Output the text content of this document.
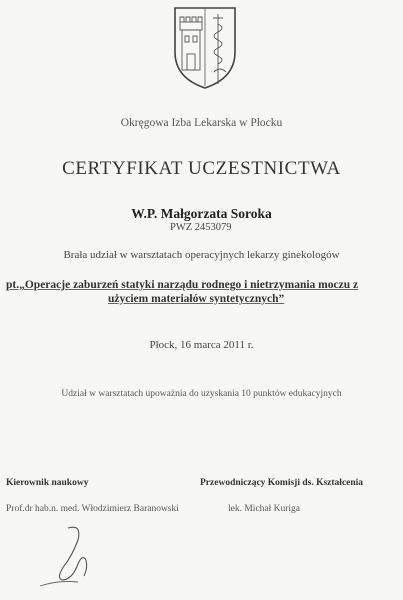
Okręgowa Izba Lekarska w Płocku
CERTYFIKAT UCZESTNICTWA
W.P. Małgorzata Soroka
PWZ 2453079
Brała udział w warsztatach operacyjnych lekarzy ginekologów
pt.„Operacje zaburzeń statyki narządu rodnego i nietrzymania moczu z
użyciem materiałów syntetycznych”
Płock, 16 marca 2011 r.
Udział w warsztatach upoważnia do uzyskania 10 punktów edukacyjnych
Kierownik naukowy	Przewodniczący Komisji ds. Kształcenia
Prof.dr hab.n. med. Włodzimierz Baranowski	lek. Michał Kuriga
